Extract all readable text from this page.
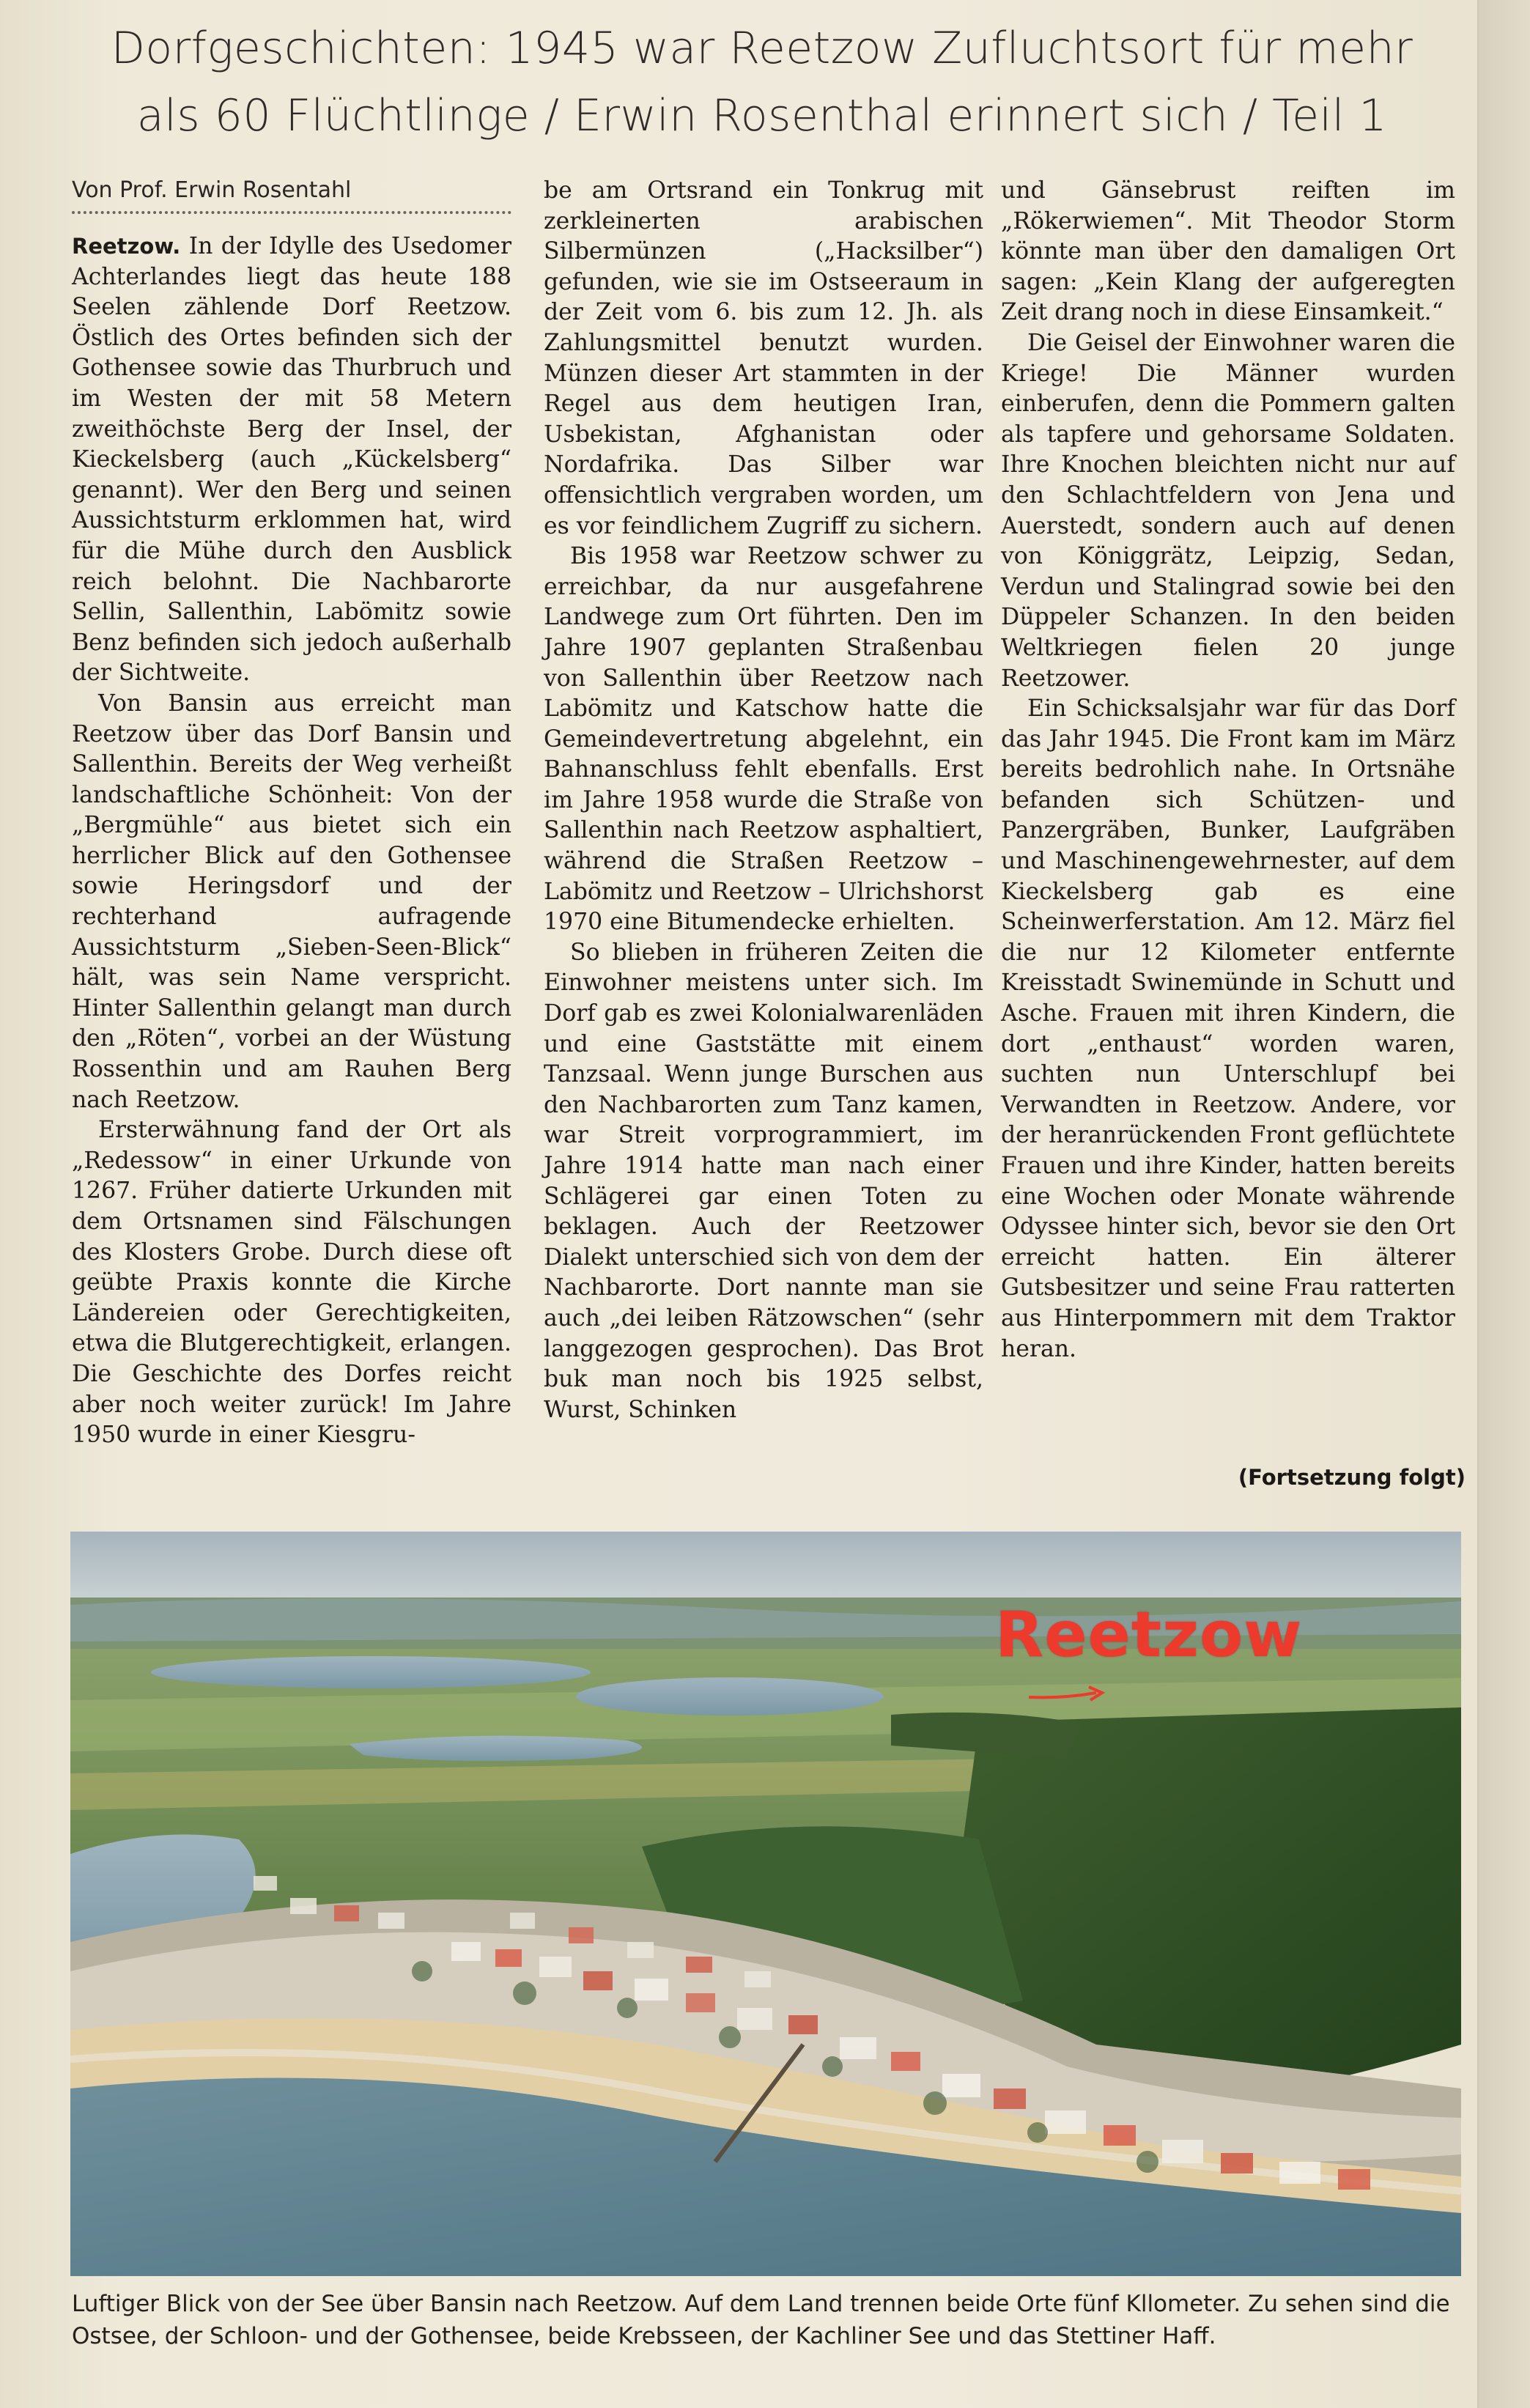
Dorfgeschichten: 1945 war Reetzow Zufluchtsort für mehr
als 60 Flüchtlinge / Erwin Rosenthal erinnert sich / Teil 1
Von Prof. Erwin Rosentahl

Reetzow. In der Idylle des Usedomer Achterlandes liegt das heute 188 Seelen zählende Dorf Reetzow. Östlich des Ortes befinden sich der Gothensee sowie das Thurbruch und im Westen der mit 58 Metern zweithöchste Berg der Insel, der Kieckelsberg (auch „Kückelsberg“ genannt). Wer den Berg und seinen Aussichtsturm erklommen hat, wird für die Mühe durch den Ausblick reich belohnt. Die Nachbarorte Sellin, Sallenthin, Labömitz sowie Benz befinden sich jedoch außerhalb der Sichtweite.

Von Bansin aus erreicht man Reetzow über das Dorf Bansin und Sallenthin. Bereits der Weg verheißt landschaftliche Schönheit: Von der „Bergmühle“ aus bietet sich ein herrlicher Blick auf den Gothensee sowie Heringsdorf und der rechterhand aufragende Aussichtsturm „Sieben-Seen-Blick“ hält, was sein Name verspricht. Hinter Sallenthin gelangt man durch den „Röten“, vorbei an der Wüstung Rossenthin und am Rauhen Berg nach Reetzow.

Ersterwähnung fand der Ort als „Redessow“ in einer Urkunde von 1267. Früher datierte Urkunden mit dem Ortsnamen sind Fälschungen des Klosters Grobe. Durch diese oft geübte Praxis konnte die Kirche Ländereien oder Gerechtigkeiten, etwa die Blutgerechtigkeit, erlangen. Die Geschichte des Dorfes reicht aber noch weiter zurück! Im Jahre 1950 wurde in einer Kiesgru-

be am Ortsrand ein Tonkrug mit zerkleinerten arabischen Silbermünzen („Hacksilber“) gefunden, wie sie im Ostseeraum in der Zeit vom 6. bis zum 12. Jh. als Zahlungsmittel benutzt wurden. Münzen dieser Art stammten in der Regel aus dem heutigen Iran, Usbekistan, Afghanistan oder Nordafrika. Das Silber war offensichtlich vergraben worden, um es vor feindlichem Zugriff zu sichern.

Bis 1958 war Reetzow schwer zu erreichbar, da nur ausgefahrene Landwege zum Ort führten. Den im Jahre 1907 geplanten Straßenbau von Sallenthin über Reetzow nach Labömitz und Katschow hatte die Gemeindevertretung abgelehnt, ein Bahnanschluss fehlt ebenfalls. Erst im Jahre 1958 wurde die Straße von Sallenthin nach Reetzow asphaltiert, während die Straßen Reetzow – Labömitz und Reetzow – Ulrichshorst 1970 eine Bitumendecke erhielten.

So blieben in früheren Zeiten die Einwohner meistens unter sich. Im Dorf gab es zwei Kolonialwarenläden und eine Gaststätte mit einem Tanzsaal. Wenn junge Burschen aus den Nachbarorten zum Tanz kamen, war Streit vorprogrammiert, im Jahre 1914 hatte man nach einer Schlägerei gar einen Toten zu beklagen. Auch der Reetzower Dialekt unterschied sich von dem der Nachbarorte. Dort nannte man sie auch „dei leiben Rätzowschen“ (sehr langgezogen gesprochen). Das Brot buk man noch bis 1925 selbst, Wurst, Schinken

und Gänsebrust reiften im „Rökerwiemen“. Mit Theodor Storm könnte man über den damaligen Ort sagen: „Kein Klang der aufgeregten Zeit drang noch in diese Einsamkeit.“

Die Geisel der Einwohner waren die Kriege! Die Männer wurden einberufen, denn die Pommern galten als tapfere und gehorsame Soldaten. Ihre Knochen bleichten nicht nur auf den Schlachtfeldern von Jena und Auerstedt, sondern auch auf denen von Königgrätz, Leipzig, Sedan, Verdun und Stalingrad sowie bei den Düppeler Schanzen. In den beiden Weltkriegen fielen 20 junge Reetzower.

Ein Schicksalsjahr war für das Dorf das Jahr 1945. Die Front kam im März bereits bedrohlich nahe. In Ortsnähe befanden sich Schützen- und Panzergräben, Bunker, Laufgräben und Maschinengewehrnester, auf dem Kieckelsberg gab es eine Scheinwerferstation. Am 12. März fiel die nur 12 Kilometer entfernte Kreisstadt Swinemünde in Schutt und Asche. Frauen mit ihren Kindern, die dort „enthaust“ worden waren, suchten nun Unterschlupf bei Verwandten in Reetzow. Andere, vor der heranrückenden Front geflüchtete Frauen und ihre Kinder, hatten bereits eine Wochen oder Monate währende Odyssee hinter sich, bevor sie den Ort erreicht hatten. Ein älterer Gutsbesitzer und seine Frau ratterten aus Hinterpommern mit dem Traktor heran.

(Fortsetzung folgt)
Reetzow
Luftiger Blick von der See über Bansin nach Reetzow. Auf dem Land trennen beide Orte fünf Kllometer. Zu sehen sind die Ostsee, der Schloon- und der Gothensee, beide Krebsseen, der Kachliner See und das Stettiner Haff.
